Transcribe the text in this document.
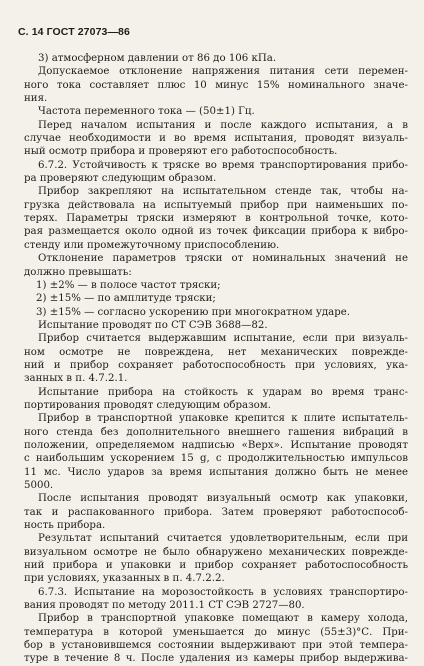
С. 14 ГОСТ 27073—86
3) атмосферном давлении от 86 до 106 кПа.
Допускаемое отклонение напряжения питания сети перемен-
ного тока составляет плюс 10 минус 15% номинального значе-
ния.
Частота переменного тока — (50±1) Гц.
Перед началом испытания и после каждого испытания, а в
случае необходимости и во время испытания, проводят визуаль-
ный осмотр прибора и проверяют его работоспособность.
6.7.2. Устойчивость к тряске во время транспортирования прибо-
ра проверяют следующим образом.
Прибор закрепляют на испытательном стенде так, чтобы на-
грузка действовала на испытуемый прибор при наименьших по-
терях. Параметры тряски измеряют в контрольной точке, кото-
рая размещается около одной из точек фиксации прибора к вибро-
стенду или промежуточному приспособлению.
Отклонение параметров тряски от номинальных значений не
должно превышать:
1) ±2% — в полосе частот тряски;
2) ±15% — по амплитуде тряски;
3) ±15% — согласно ускорению при многократном ударе.
Испытание проводят по СТ СЭВ 3688—82.
Прибор считается выдержавшим испытание, если при визуаль-
ном осмотре не повреждена, нет механических поврежде-
ний и прибор сохраняет работоспособность при условиях, ука-
занных в п. 4.7.2.1.
Испытание прибора на стойкость к ударам во время транс-
портирования проводят следующим образом.
Прибор в транспортной упаковке крепится к плите испытатель-
ного стенда без дополнительного внешнего гашения вибраций в
положении, определяемом надписью «Верх». Испытание проводят
с наибольшим ускорением 15 g, с продолжительностью импульсов
11 мс. Число ударов за время испытания должно быть не менее
5000.
После испытания проводят визуальный осмотр как упаковки,
так и распакованного прибора. Затем проверяют работоспособ-
ность прибора.
Результат испытаний считается удовлетворительным, если при
визуальном осмотре не было обнаружено механических поврежде-
ний прибора и упаковки и прибор сохраняет работоспособность
при условиях, указанных в п. 4.7.2.2.
6.7.3. Испытание на морозостойкость в условиях транспортиро-
вания проводят по методу 2011.1 СТ СЭВ 2727—80.
Прибор в транспортной упаковке помещают в камеру холода,
температура в которой уменьшается до минус (55±3)°С. При-
бор в установившемся состоянии выдерживают при этой темпера-
туре в течение 8 ч. После удаления из камеры прибор выдержива-
